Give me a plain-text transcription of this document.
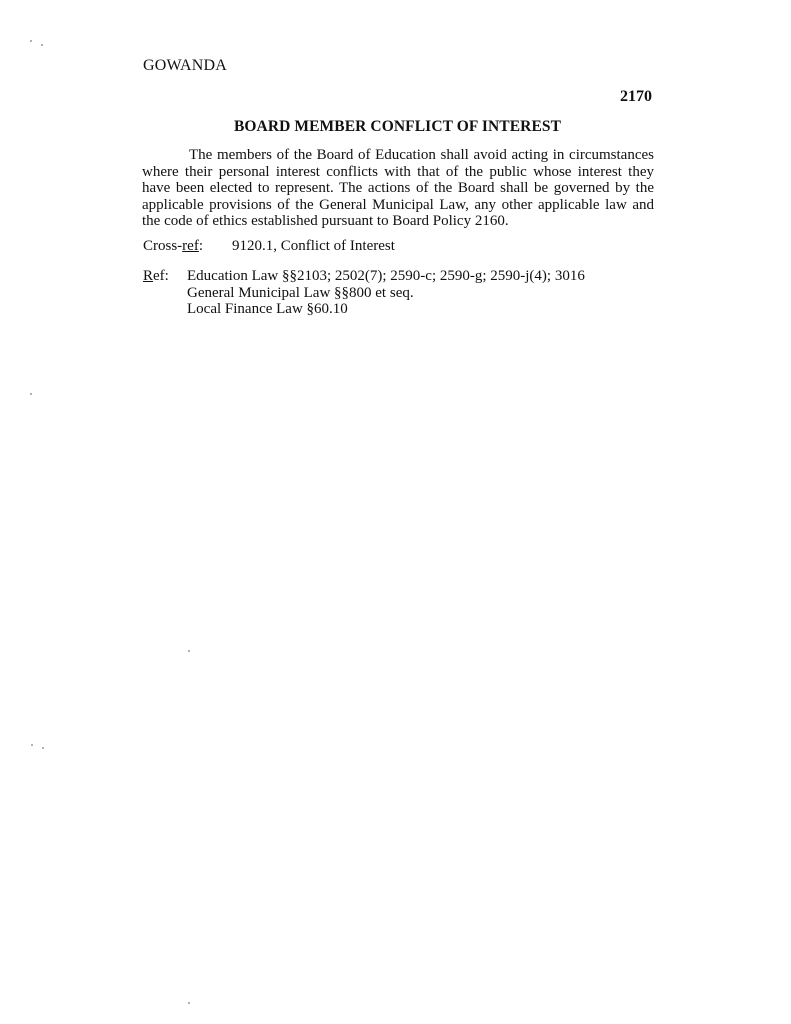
GOWANDA
2170
BOARD MEMBER CONFLICT OF INTEREST

The members of the Board of Education shall avoid acting in circumstances where their personal interest conflicts with that of the public whose interest they have been elected to represent. The actions of the Board shall be governed by the applicable provisions of the General Municipal Law, any other applicable law and the code of ethics established pursuant to Board Policy 2160.

Cross-ref: 9120.1, Conflict of Interest
Ref:	Education Law §§2103; 2502(7); 2590-c; 2590-g; 2590-j(4); 3016
General Municipal Law §§800 et seq.
Local Finance Law §60.10
